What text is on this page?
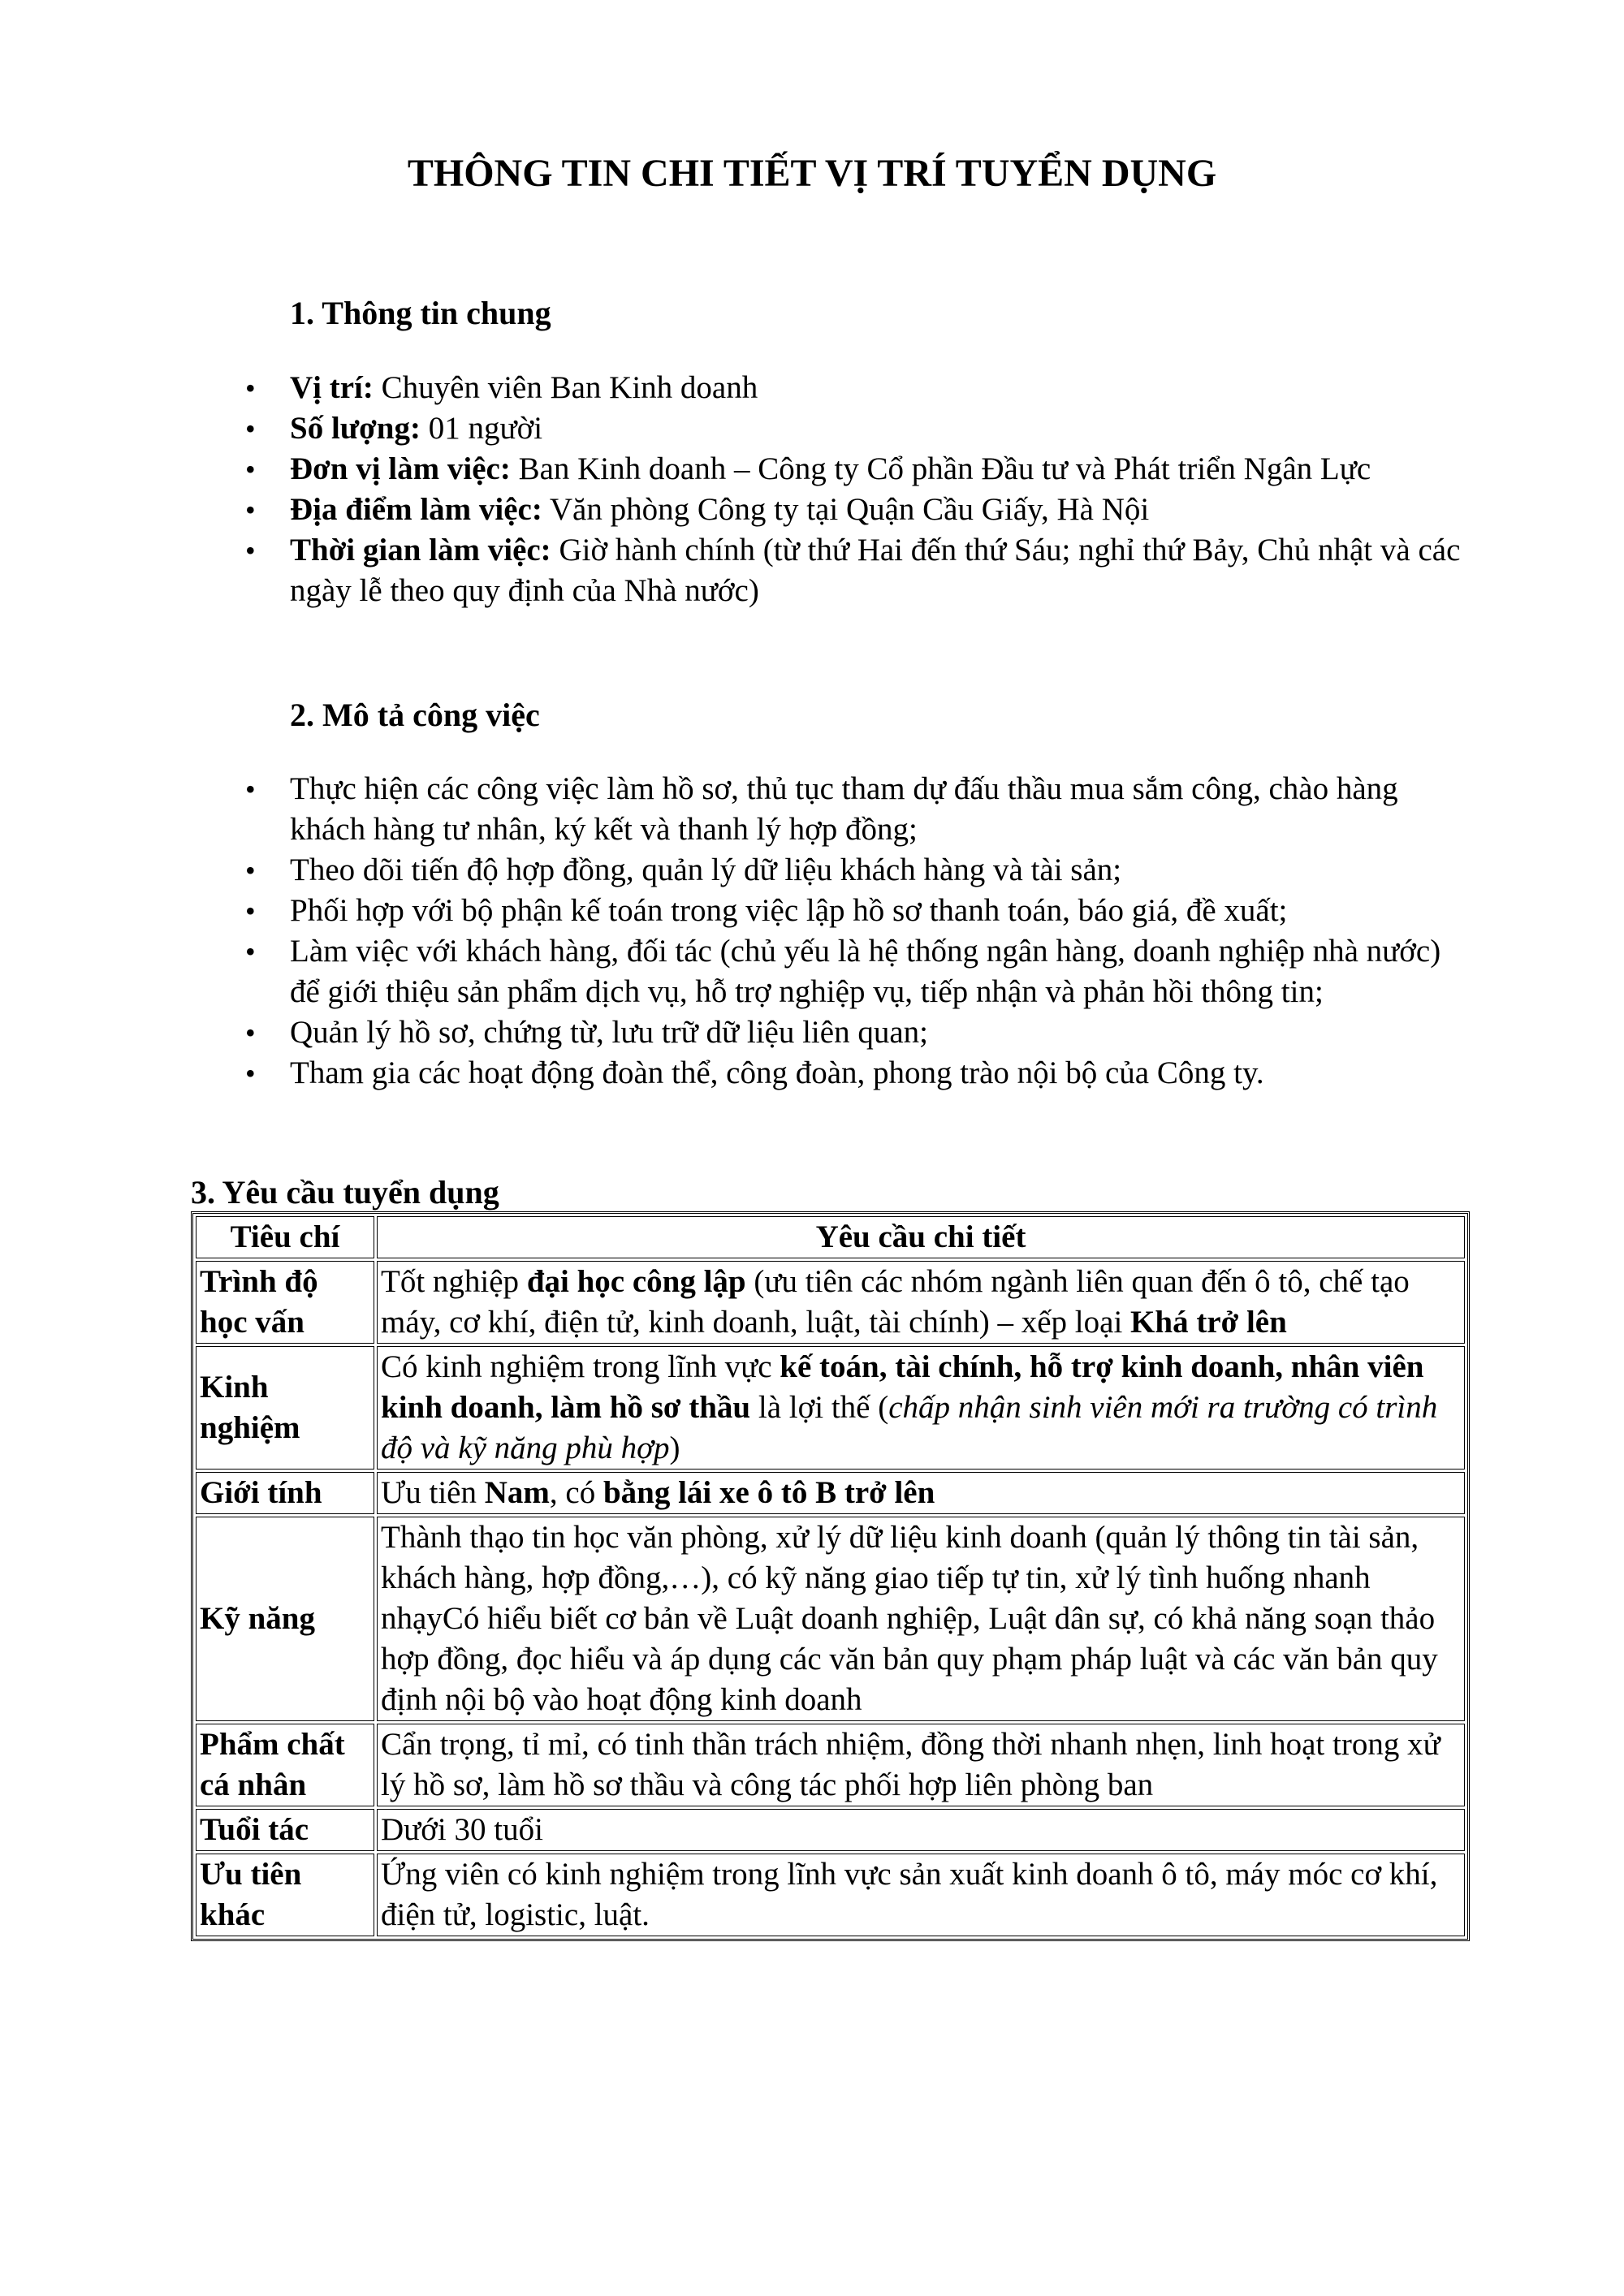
THÔNG TIN CHI TIẾT VỊ TRÍ TUYỂN DỤNG
1. Thông tin chung
• Vị trí: Chuyên viên Ban Kinh doanh
• Số lượng: 01 người
• Đơn vị làm việc: Ban Kinh doanh – Công ty Cổ phần Đầu tư và Phát triển Ngân Lực
• Địa điểm làm việc: Văn phòng Công ty tại Quận Cầu Giấy, Hà Nội
• Thời gian làm việc: Giờ hành chính (từ thứ Hai đến thứ Sáu; nghỉ thứ Bảy, Chủ nhật và các ngày lễ theo quy định của Nhà nước)
2. Mô tả công việc
• Thực hiện các công việc làm hồ sơ, thủ tục tham dự đấu thầu mua sắm công, chào hàng khách hàng tư nhân, ký kết và thanh lý hợp đồng;
• Theo dõi tiến độ hợp đồng, quản lý dữ liệu khách hàng và tài sản;
• Phối hợp với bộ phận kế toán trong việc lập hồ sơ thanh toán, báo giá, đề xuất;
• Làm việc với khách hàng, đối tác (chủ yếu là hệ thống ngân hàng, doanh nghiệp nhà nước) để giới thiệu sản phẩm dịch vụ, hỗ trợ nghiệp vụ, tiếp nhận và phản hồi thông tin;
• Quản lý hồ sơ, chứng từ, lưu trữ dữ liệu liên quan;
• Tham gia các hoạt động đoàn thể, công đoàn, phong trào nội bộ của Công ty.
3. Yêu cầu tuyển dụng
Tiêu chí	Yêu cầu chi tiết
Trình độ học vấn	Tốt nghiệp đại học công lập (ưu tiên các nhóm ngành liên quan đến ô tô, chế tạo máy, cơ khí, điện tử, kinh doanh, luật, tài chính) – xếp loại Khá trở lên
Kinh nghiệm	Có kinh nghiệm trong lĩnh vực kế toán, tài chính, hỗ trợ kinh doanh, nhân viên kinh doanh, làm hồ sơ thầu là lợi thế (chấp nhận sinh viên mới ra trường có trình độ và kỹ năng phù hợp)
Giới tính	Ưu tiên Nam, có bằng lái xe ô tô B trở lên
Kỹ năng	Thành thạo tin học văn phòng, xử lý dữ liệu kinh doanh (quản lý thông tin tài sản, khách hàng, hợp đồng,…), có kỹ năng giao tiếp tự tin, xử lý tình huống nhanh nhạyCó hiểu biết cơ bản về Luật doanh nghiệp, Luật dân sự, có khả năng soạn thảo hợp đồng, đọc hiểu và áp dụng các văn bản quy phạm pháp luật và các văn bản quy định nội bộ vào hoạt động kinh doanh
Phẩm chất cá nhân	Cẩn trọng, tỉ mỉ, có tinh thần trách nhiệm, đồng thời nhanh nhẹn, linh hoạt trong xử lý hồ sơ, làm hồ sơ thầu và công tác phối hợp liên phòng ban
Tuổi tác	Dưới 30 tuổi
Ưu tiên khác	Ứng viên có kinh nghiệm trong lĩnh vực sản xuất kinh doanh ô tô, máy móc cơ khí, điện tử, logistic, luật.
